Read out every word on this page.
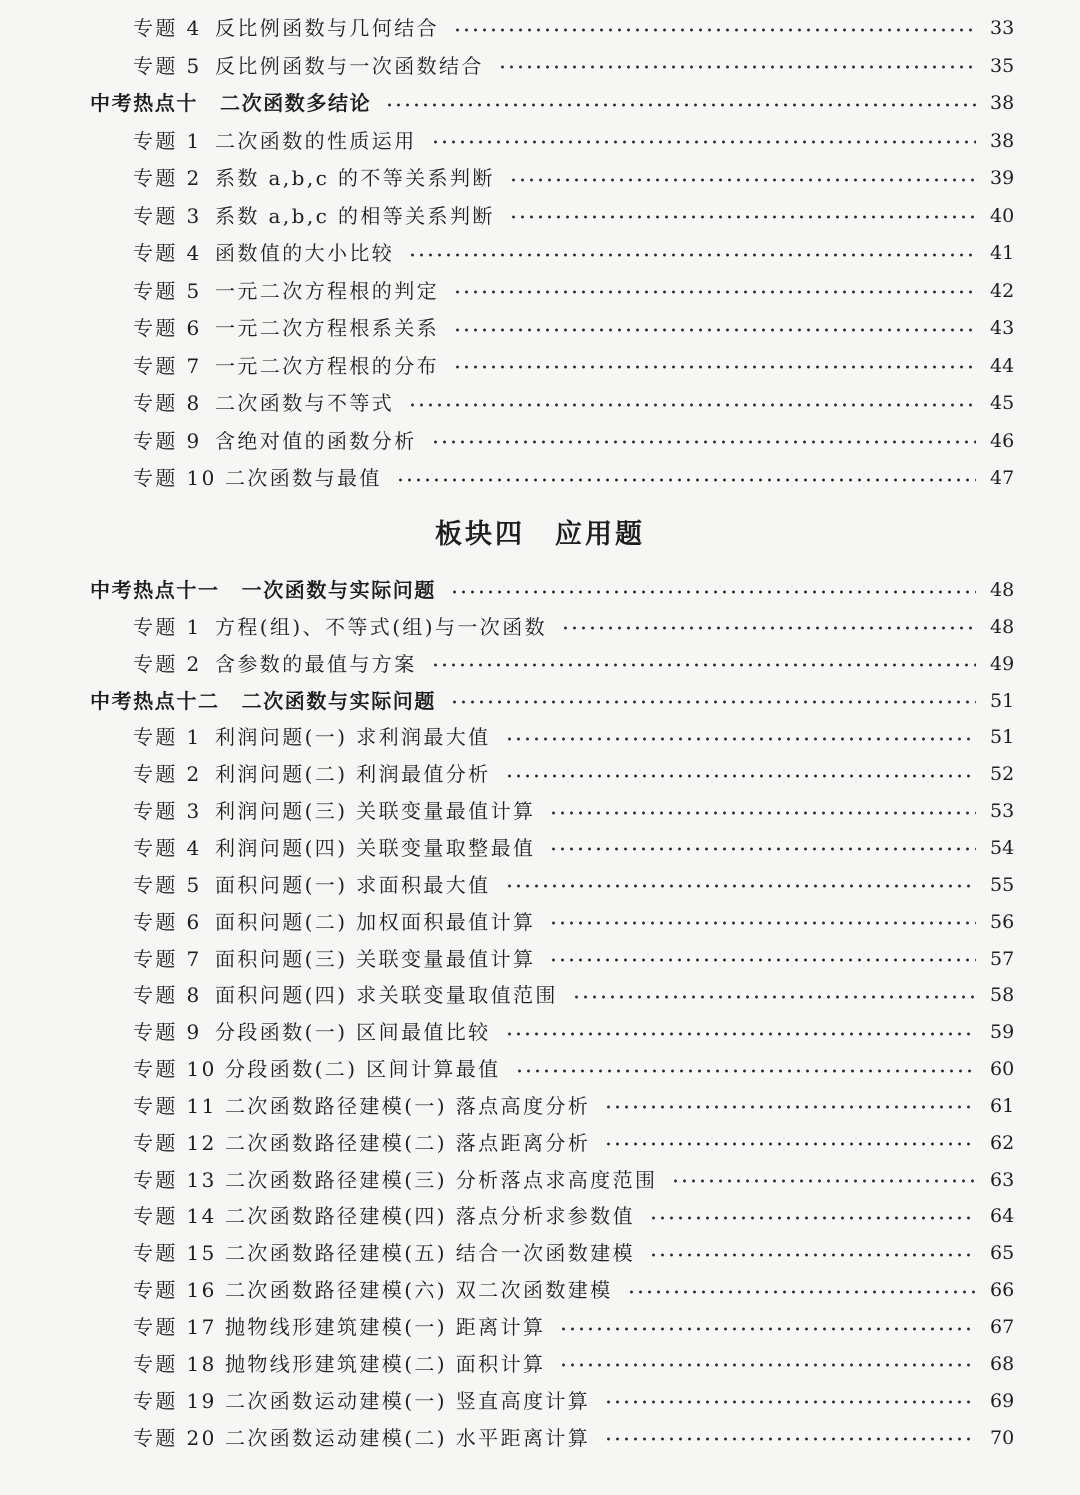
专题 4 反比例函数与几何结合	33
专题 5 反比例函数与一次函数结合	35
中考热点十 二次函数多结论	38
专题 1 二次函数的性质运用	38
专题 2 系数 a,b,c 的不等关系判断	39
专题 3 系数 a,b,c 的相等关系判断	40
专题 4 函数值的大小比较	41
专题 5 一元二次方程根的判定	42
专题 6 一元二次方程根系关系	43
专题 7 一元二次方程根的分布	44
专题 8 二次函数与不等式	45
专题 9 含绝对值的函数分析	46
专题 10 二次函数与最值	47
板块四　应用题
中考热点十一 一次函数与实际问题	48
专题 1 方程(组)、不等式(组)与一次函数	48
专题 2 含参数的最值与方案	49
中考热点十二 二次函数与实际问题	51
专题 1 利润问题(一) 求利润最大值	51
专题 2 利润问题(二) 利润最值分析	52
专题 3 利润问题(三) 关联变量最值计算	53
专题 4 利润问题(四) 关联变量取整最值	54
专题 5 面积问题(一) 求面积最大值	55
专题 6 面积问题(二) 加权面积最值计算	56
专题 7 面积问题(三) 关联变量最值计算	57
专题 8 面积问题(四) 求关联变量取值范围	58
专题 9 分段函数(一) 区间最值比较	59
专题 10 分段函数(二) 区间计算最值	60
专题 11 二次函数路径建模(一) 落点高度分析	61
专题 12 二次函数路径建模(二) 落点距离分析	62
专题 13 二次函数路径建模(三) 分析落点求高度范围	63
专题 14 二次函数路径建模(四) 落点分析求参数值	64
专题 15 二次函数路径建模(五) 结合一次函数建模	65
专题 16 二次函数路径建模(六) 双二次函数建模	66
专题 17 抛物线形建筑建模(一) 距离计算	67
专题 18 抛物线形建筑建模(二) 面积计算	68
专题 19 二次函数运动建模(一) 竖直高度计算	69
专题 20 二次函数运动建模(二) 水平距离计算	70
